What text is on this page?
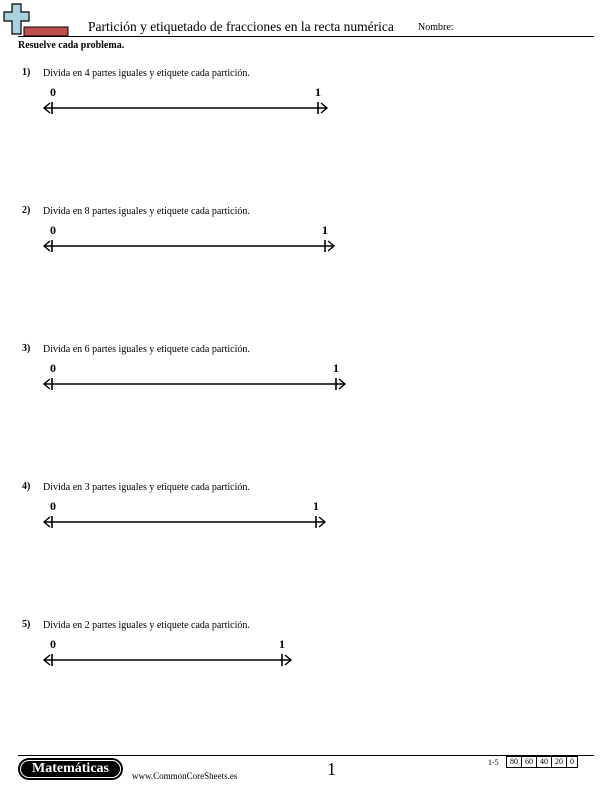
Partición y etiquetado de fracciones en la recta numérica Nombre:
Resuelve cada problema.
1) Divida en 4 partes iguales y etiquete cada partición.
0	1
2) Divida en 8 partes iguales y etiquete cada partición.
0	1
3) Divida en 6 partes iguales y etiquete cada partición.
0	1
4) Divida en 3 partes iguales y etiquete cada partición.
0	1
5) Divida en 2 partes iguales y etiquete cada partición.
0	1
Matemáticas	www.CommonCoreSheets.es	1	1-5	80 60 40 20 0
